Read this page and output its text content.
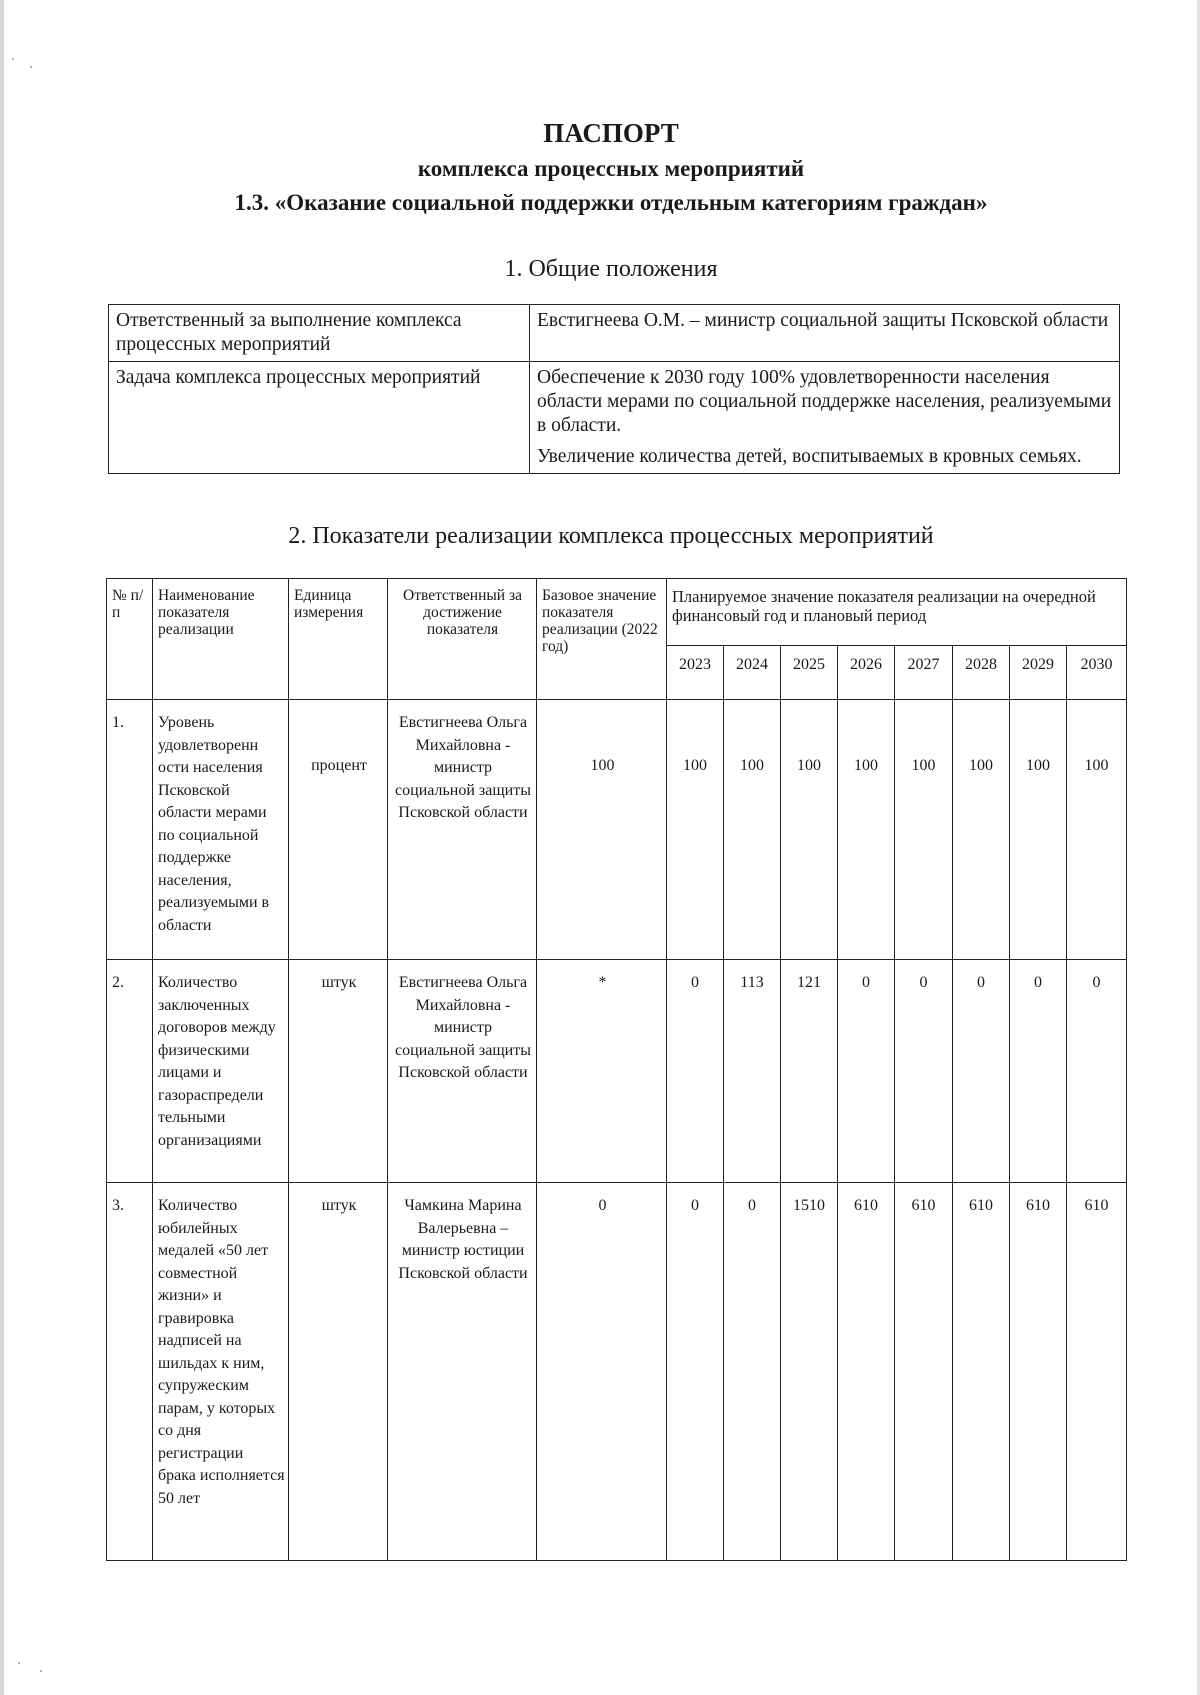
ПАСПОРТ
комплекса процессных мероприятий
1.3. «Оказание социальной поддержки отдельным категориям граждан»
1. Общие положения
Ответственный за выполнение комплекса процессных мероприятий	Евстигнеева О.М. – министр социальной защиты Псковской области

Задача комплекса процессных мероприятий	Обеспечение к 2030 году 100% удовлетворенности населения области мерами по социальной поддержке населения, реализуемыми в области.

Увеличение количества детей, воспитываемых в кровных семьях.

2. Показатели реализации комплекса процессных мероприятий
№ п/п	Наименование показателя реализации	Единица измерения	Ответственный за достижение показателя	Базовое значение показателя реализации (2022 год)	Планируемое значение показателя реализации на очередной финансовый год и плановый период							
					2023	2024	2025	2026	2027	2028	2029	2030
1.	Уровень удовлетворенн ости населения Псковской области мерами по социальной поддержке населения, реализуемыми в области	процент	Евстигнеева Ольга Михайловна - министр социальной защиты Псковской области	100	100	100	100	100	100	100	100	100
2.	Количество заключенных договоров между физическими лицами и газораспредели тельными организациями	штук	Евстигнеева Ольга Михайловна - министр социальной защиты Псковской области	*	0	113	121	0	0	0	0	0
3.	Количество юбилейных медалей «50 лет совместной жизни» и гравировка надписей на шильдах к ним, супружеским парам, у которых со дня регистрации брака исполняется 50 лет	штук	Чамкина Марина Валерьевна – министр юстиции Псковской области	0	0	0	1510	610	610	610	610	610
